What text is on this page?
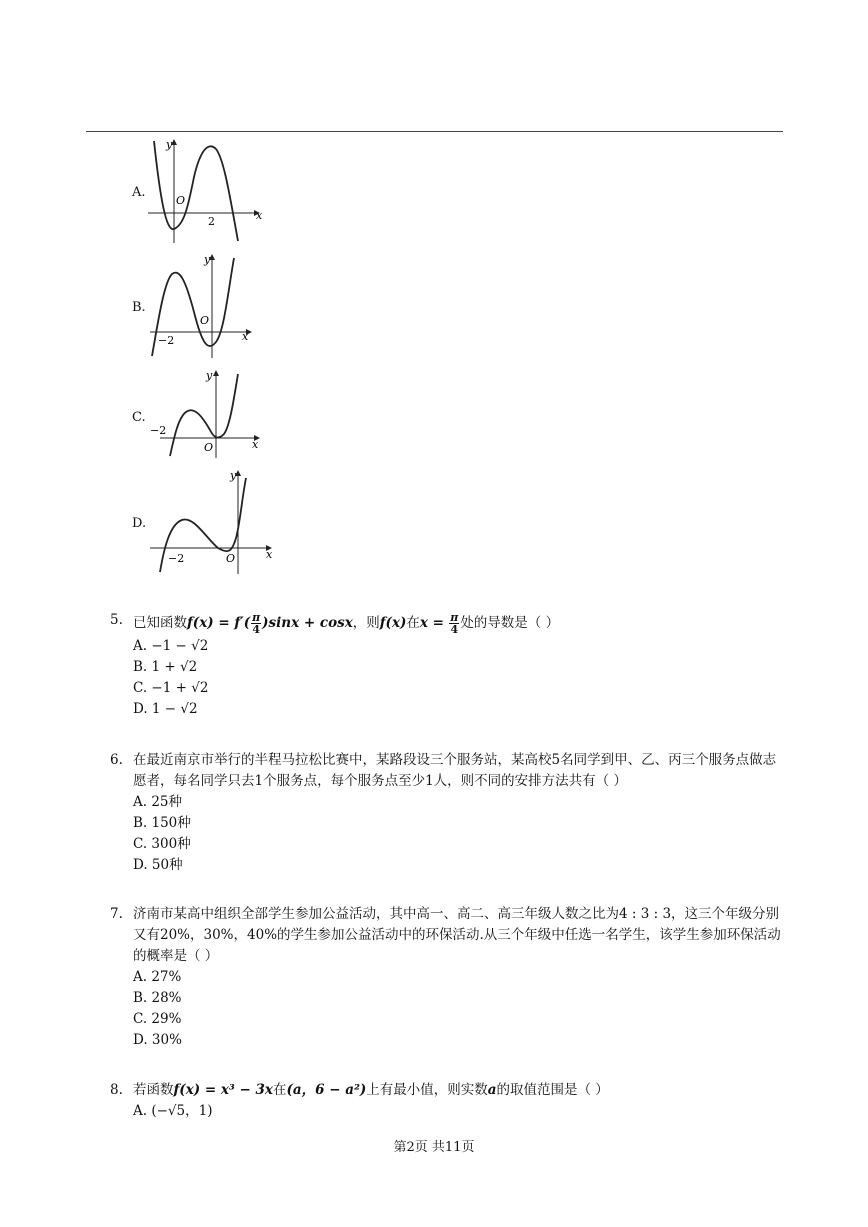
A.
y
x
O
2
B.
y
x
O
−2
C.
y
x
O
−2
D.
y
x
O
−2
5. 已知函数$f(x) = f'( \frac{\pi}{4} )\sin x + \cos x$，则f(x)在$x = \frac{\pi}{4}$ 处的导数是（ ）
A. −1 − √2
B. 1 + √2
C. −1 + √2
D. 1 − √2
6. 在最近南京市举行的半程马拉松比赛中，某路段设三个服务站，某高校5名同学到甲、乙、丙三个服务点做志
愿者，每名同学只去1个服务点，每个服务点至少1人，则不同的安排方法共有（ ）
A. 25种
B. 150种
C. 300种
D. 50种
7. 济南市某高中组织全部学生参加公益活动，其中高一、高二、高三年级人数之比为4 : 3 : 3，这三个年级分别
又有20%，30%，40%的学生参加公益活动中的环保活动.从三个年级中任选一名学生，该学生参加环保活动
的概率是（ ）
A. 27%
B. 28%
C. 29%
D. 30%
8. 若函数f(x) = x³ − 3x在(a，6 − a²)上有最小值，则实数a的取值范围是（ ）
A. (−√5，1)
第2页 共11页
